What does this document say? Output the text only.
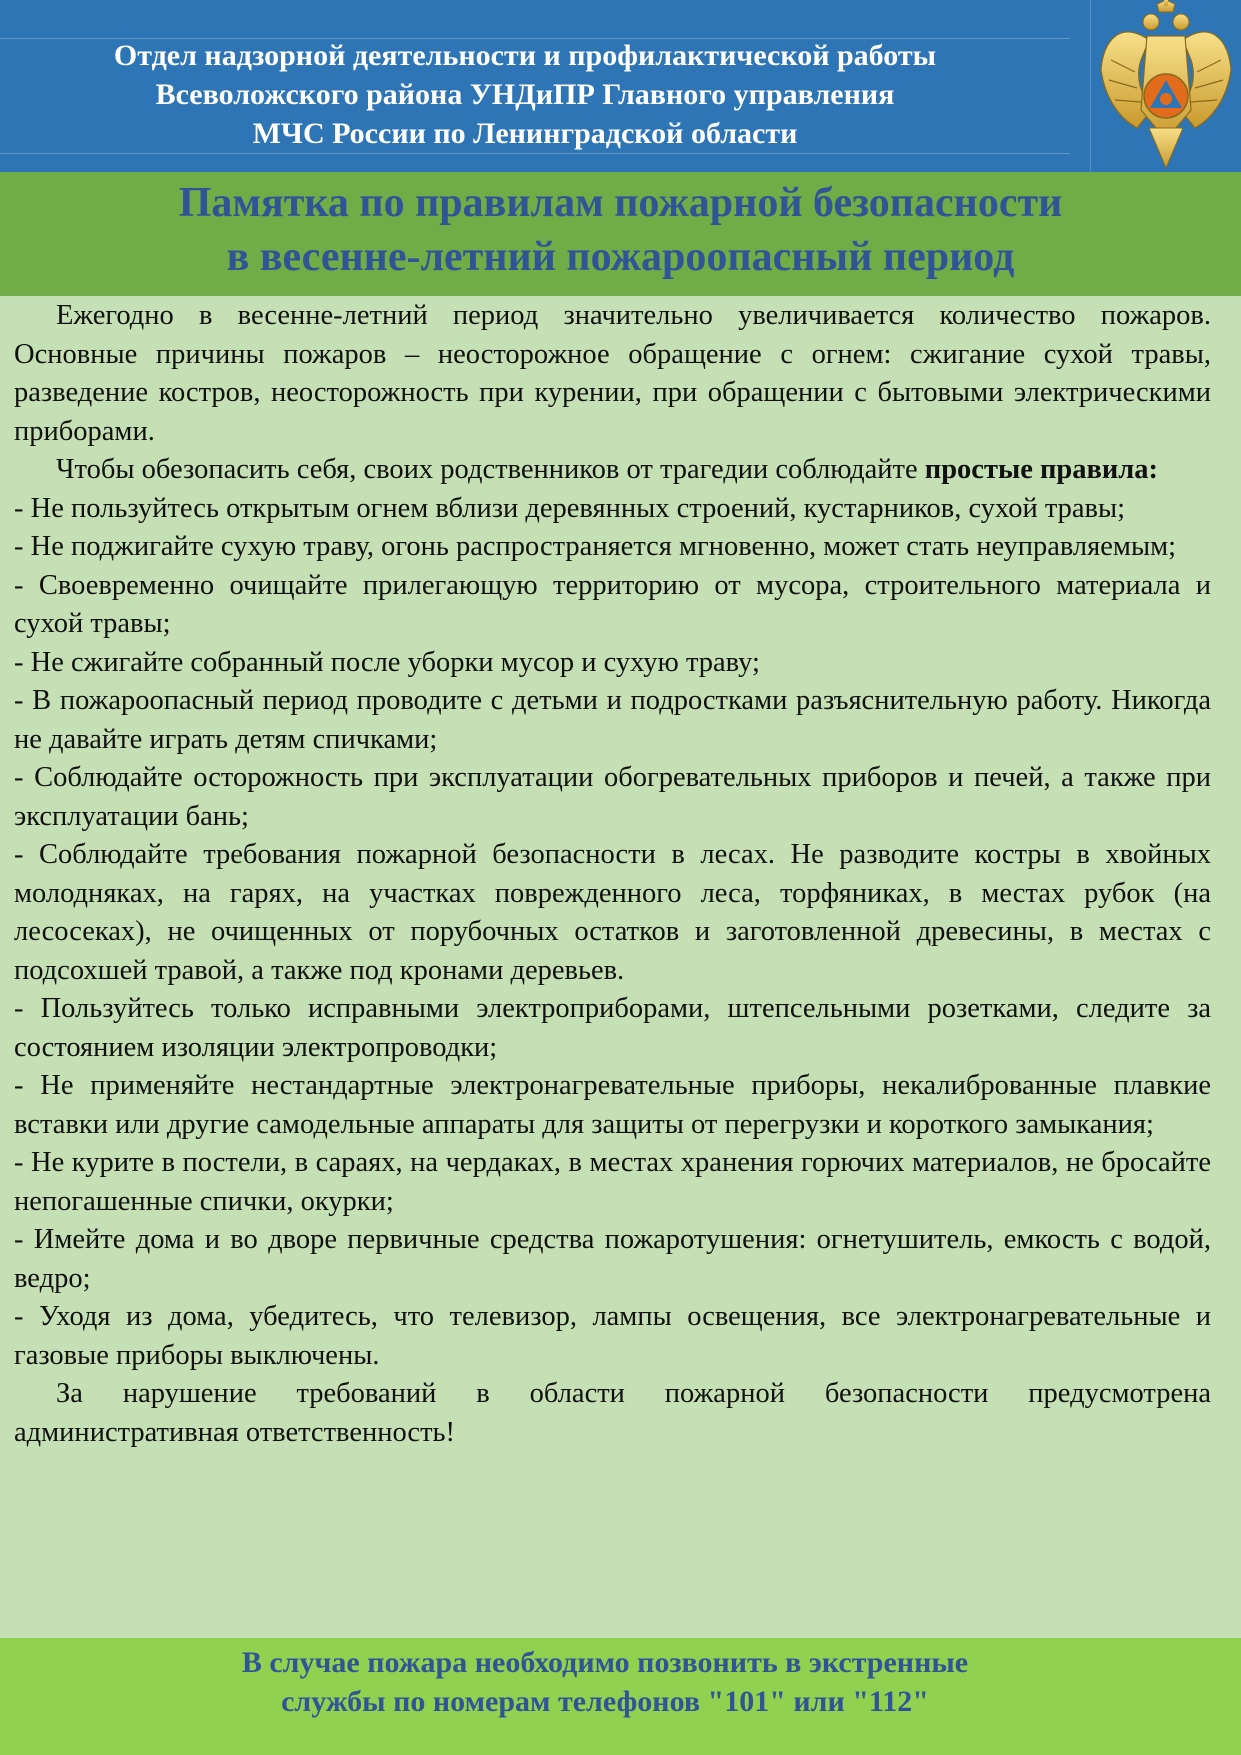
Отдел надзорной деятельности и профилактической работы
Всеволожского района УНДиПР Главного управления
МЧС России по Ленинградской области
Памятка по правилам пожарной безопасности
в весенне-летний пожароопасный период

Ежегодно в весенне-летний период значительно увеличивается количество пожаров. Основные причины пожаров – неосторожное обращение с огнем: сжигание сухой травы, разведение костров, неосторожность при курении, при обращении с бытовыми электрическими приборами.

Чтобы обезопасить себя, своих родственников от трагедии соблюдайте простые правила:

- Не пользуйтесь открытым огнем вблизи деревянных строений, кустарников, сухой травы;

- Не поджигайте сухую траву, огонь распространяется мгновенно, может стать неуправляемым;

- Своевременно очищайте прилегающую территорию от мусора, строительного материала и сухой травы;

- Не сжигайте собранный после уборки мусор и сухую траву;

- В пожароопасный период проводите с детьми и подростками разъяснительную работу. Никогда не давайте играть детям спичками;

- Соблюдайте осторожность при эксплуатации обогревательных приборов и печей, а также при эксплуатации бань;

- Соблюдайте требования пожарной безопасности в лесах. Не разводите костры в хвойных молодняках, на гарях, на участках поврежденного леса, торфяниках, в местах рубок (на лесосеках), не очищенных от порубочных остатков и заготовленной древесины, в местах с подсохшей травой, а также под кронами деревьев.

- Пользуйтесь только исправными электроприборами, штепсельными розетками, следите за состоянием изоляции электропроводки;

- Не применяйте нестандартные электронагревательные приборы, некалиброванные плавкие вставки или другие самодельные аппараты для защиты от перегрузки и короткого замыкания;

- Не курите в постели, в сараях, на чердаках, в местах хранения горючих материалов, не бросайте непогашенные спички, окурки;

- Имейте дома и во дворе первичные средства пожаротушения: огнетушитель, емкость с водой, ведро;

- Уходя из дома, убедитесь, что телевизор, лампы освещения, все электронагревательные и газовые приборы выключены.

За нарушение требований в области пожарной безопасности предусмотрена административная ответственность!

В случае пожара необходимо позвонить в экстренные
службы по номерам телефонов "101" или "112"
